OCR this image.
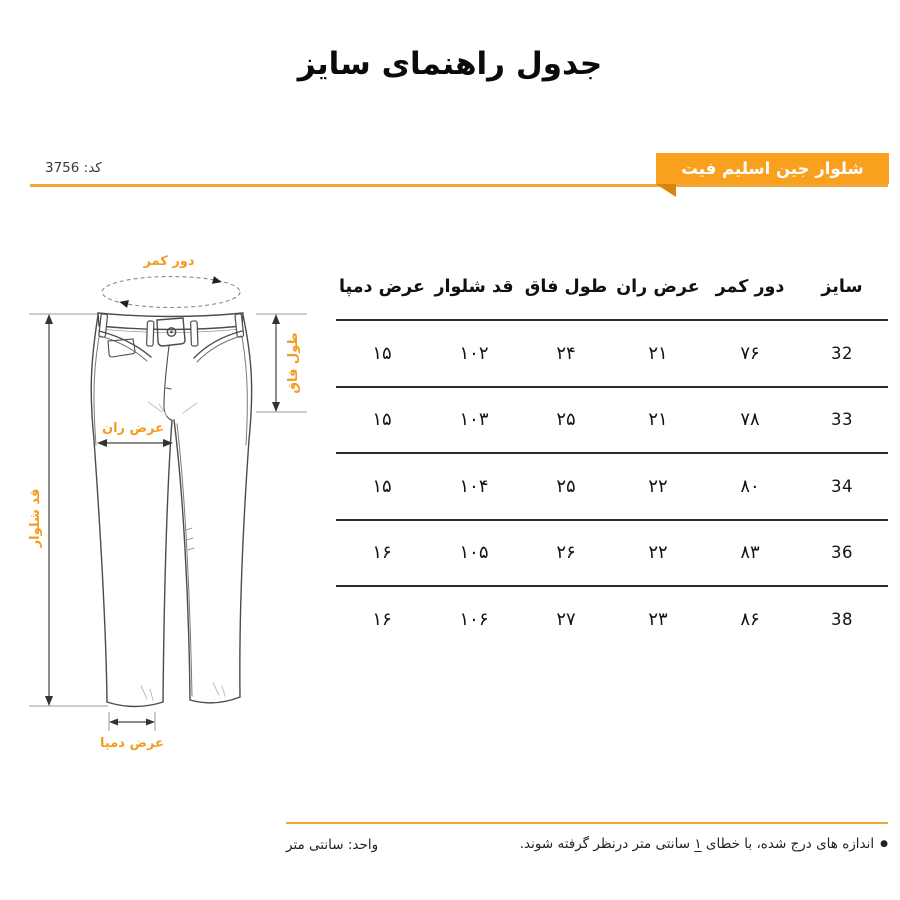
جدول راهنمای سایز
شلوار جین اسلیم فیت
کد: 3756
دور کمر
قد شلوار
طول فاق
عرض ران
عرض دمپا
سایز	دور کمر	عرض ران	طول فاق	قد شلوار	عرض دمپا
32	۷۶	۲۱	۲۴	۱۰۲	۱۵
33	۷۸	۲۱	۲۵	۱۰۳	۱۵
34	۸۰	۲۲	۲۵	۱۰۴	۱۵
36	۸۳	۲۲	۲۶	۱۰۵	۱۶
38	۸۶	۲۳	۲۷	۱۰۶	۱۶
●اندازه های درج شده، با خطای ۱ سانتی متر درنظر گرفته شوند.
واحد: سانتی متر
